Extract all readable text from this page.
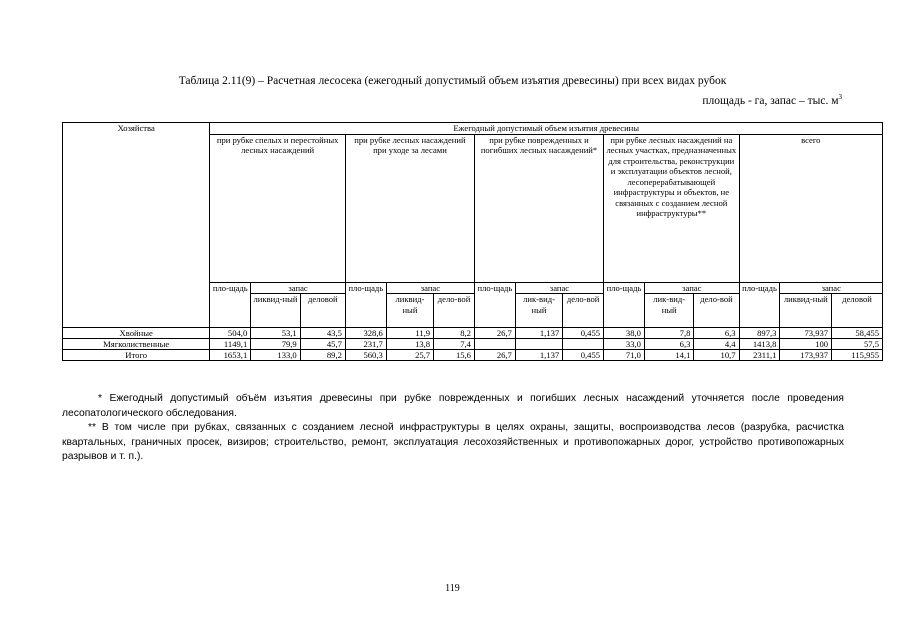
Таблица 2.11(9) – Расчетная лесосека (ежегодный допустимый объем изъятия древесины) при всех видах рубок
площадь - га, запас – тыс. $м^3$
Хозяйства	Ежегодный допустимый объем изъятия древесины														
	при рубке спелых и перестойных лесных насаждений			при рубке лесных насаждений при уходе за лесами			при рубке поврежденных и погибших лесных насаждений*			при рубке лесных насаждений на лесных участках, предназначенных для строительства, реконструкции и эксплуатации объектов лесной, лесоперерабатывающей инфраструктуры и объектов, не связанных с созданием лесной инфраструктуры**			всего		
	пло-щадь	запас		пло-щадь	запас		пло-щадь	запас		пло-щадь	запас		пло-щадь	запас	
		ликвид-ный	деловой		ликвид-ный	дело-вой		лик-вид-ный	дело-вой		лик-вид-ный	дело-вой		ликвид-ный	деловой
Хвойные	504,0	53,1	43,5	328,6	11,9	8,2	26,7	1,137	0,455	38,0	7,8	6,3	897,3	73,937	58,455
Мягколиственные	1149,1	79,9	45,7	231,7	13,8	7,4				33,0	6,3	4,4	1413,8	100	57,5
Итого	1653,1	133,0	89,2	560,3	25,7	15,6	26,7	1,137	0,455	71,0	14,1	10,7	2311,1	173,937	115,955

* Ежегодный допустимый объём изъятия древесины при рубке поврежденных и погибших лесных насаждений уточняется после проведения лесопатологического обследования.

** В том числе при рубках, связанных с созданием лесной инфраструктуры в целях охраны, защиты, воспроизводства лесов (разрубка, расчистка квартальных, граничных просек, визиров; строительство, ремонт, эксплуатация лесохозяйственных и противопожарных дорог, устройство противопожарных разрывов и т. п.).

119
